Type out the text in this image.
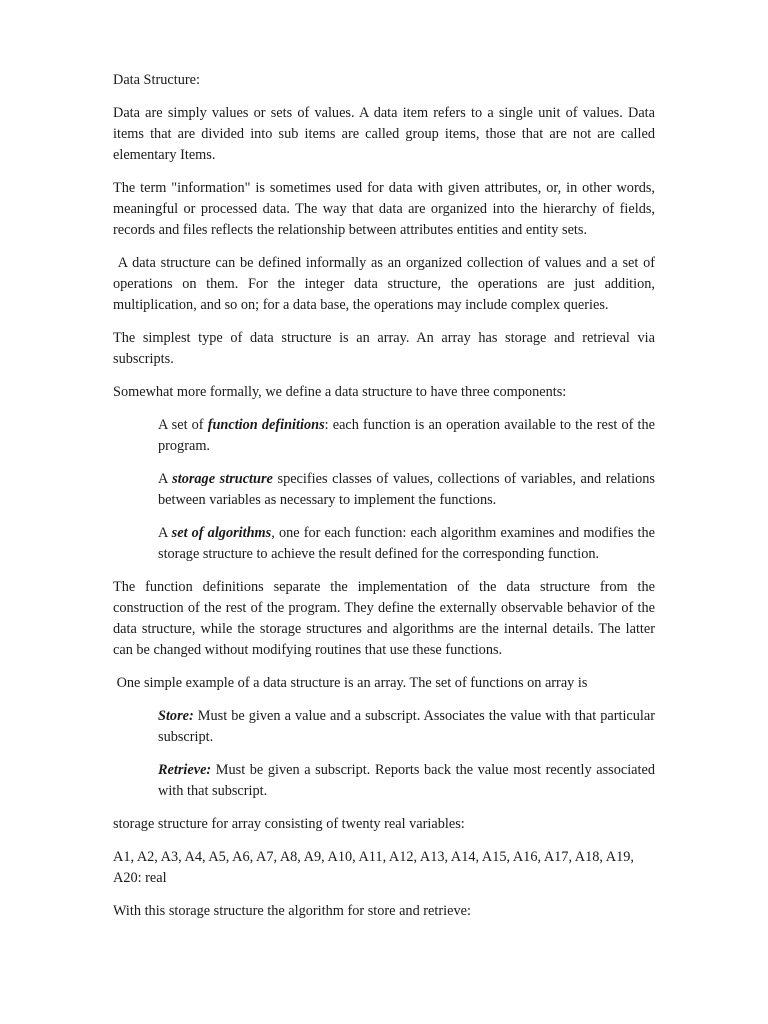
Data Structure:

Data are simply values or sets of values. A data item refers to a single unit of values. Data items that are divided into sub items are called group items, those that are not are called elementary Items.

The term "information" is sometimes used for data with given attributes, or, in other words, meaningful or processed data. The way that data are organized into the hierarchy of fields, records and files reflects the relationship between attributes entities and entity sets.

A data structure can be defined informally as an organized collection of values and a set of operations on them. For the integer data structure, the operations are just addition, multiplication, and so on; for a data base, the operations may include complex queries.

The simplest type of data structure is an array. An array has storage and retrieval via subscripts.

Somewhat more formally, we define a data structure to have three components:

A set of function definitions: each function is an operation available to the rest of the program.

A storage structure specifies classes of values, collections of variables, and relations between variables as necessary to implement the functions.

A set of algorithms, one for each function: each algorithm examines and modifies the storage structure to achieve the result defined for the corresponding function.

The function definitions separate the implementation of the data structure from the construction of the rest of the program. They define the externally observable behavior of the data structure, while the storage structures and algorithms are the internal details. The latter can be changed without modifying routines that use these functions.

One simple example of a data structure is an array. The set of functions on array is

Store: Must be given a value and a subscript. Associates the value with that particular subscript.

Retrieve: Must be given a subscript. Reports back the value most recently associated with that subscript.

storage structure for array consisting of twenty real variables:

A1, A2, A3, A4, A5, A6, A7, A8, A9, A10, A11, A12, A13, A14, A15, A16, A17, A18, A19, A20: real

With this storage structure the algorithm for store and retrieve:
